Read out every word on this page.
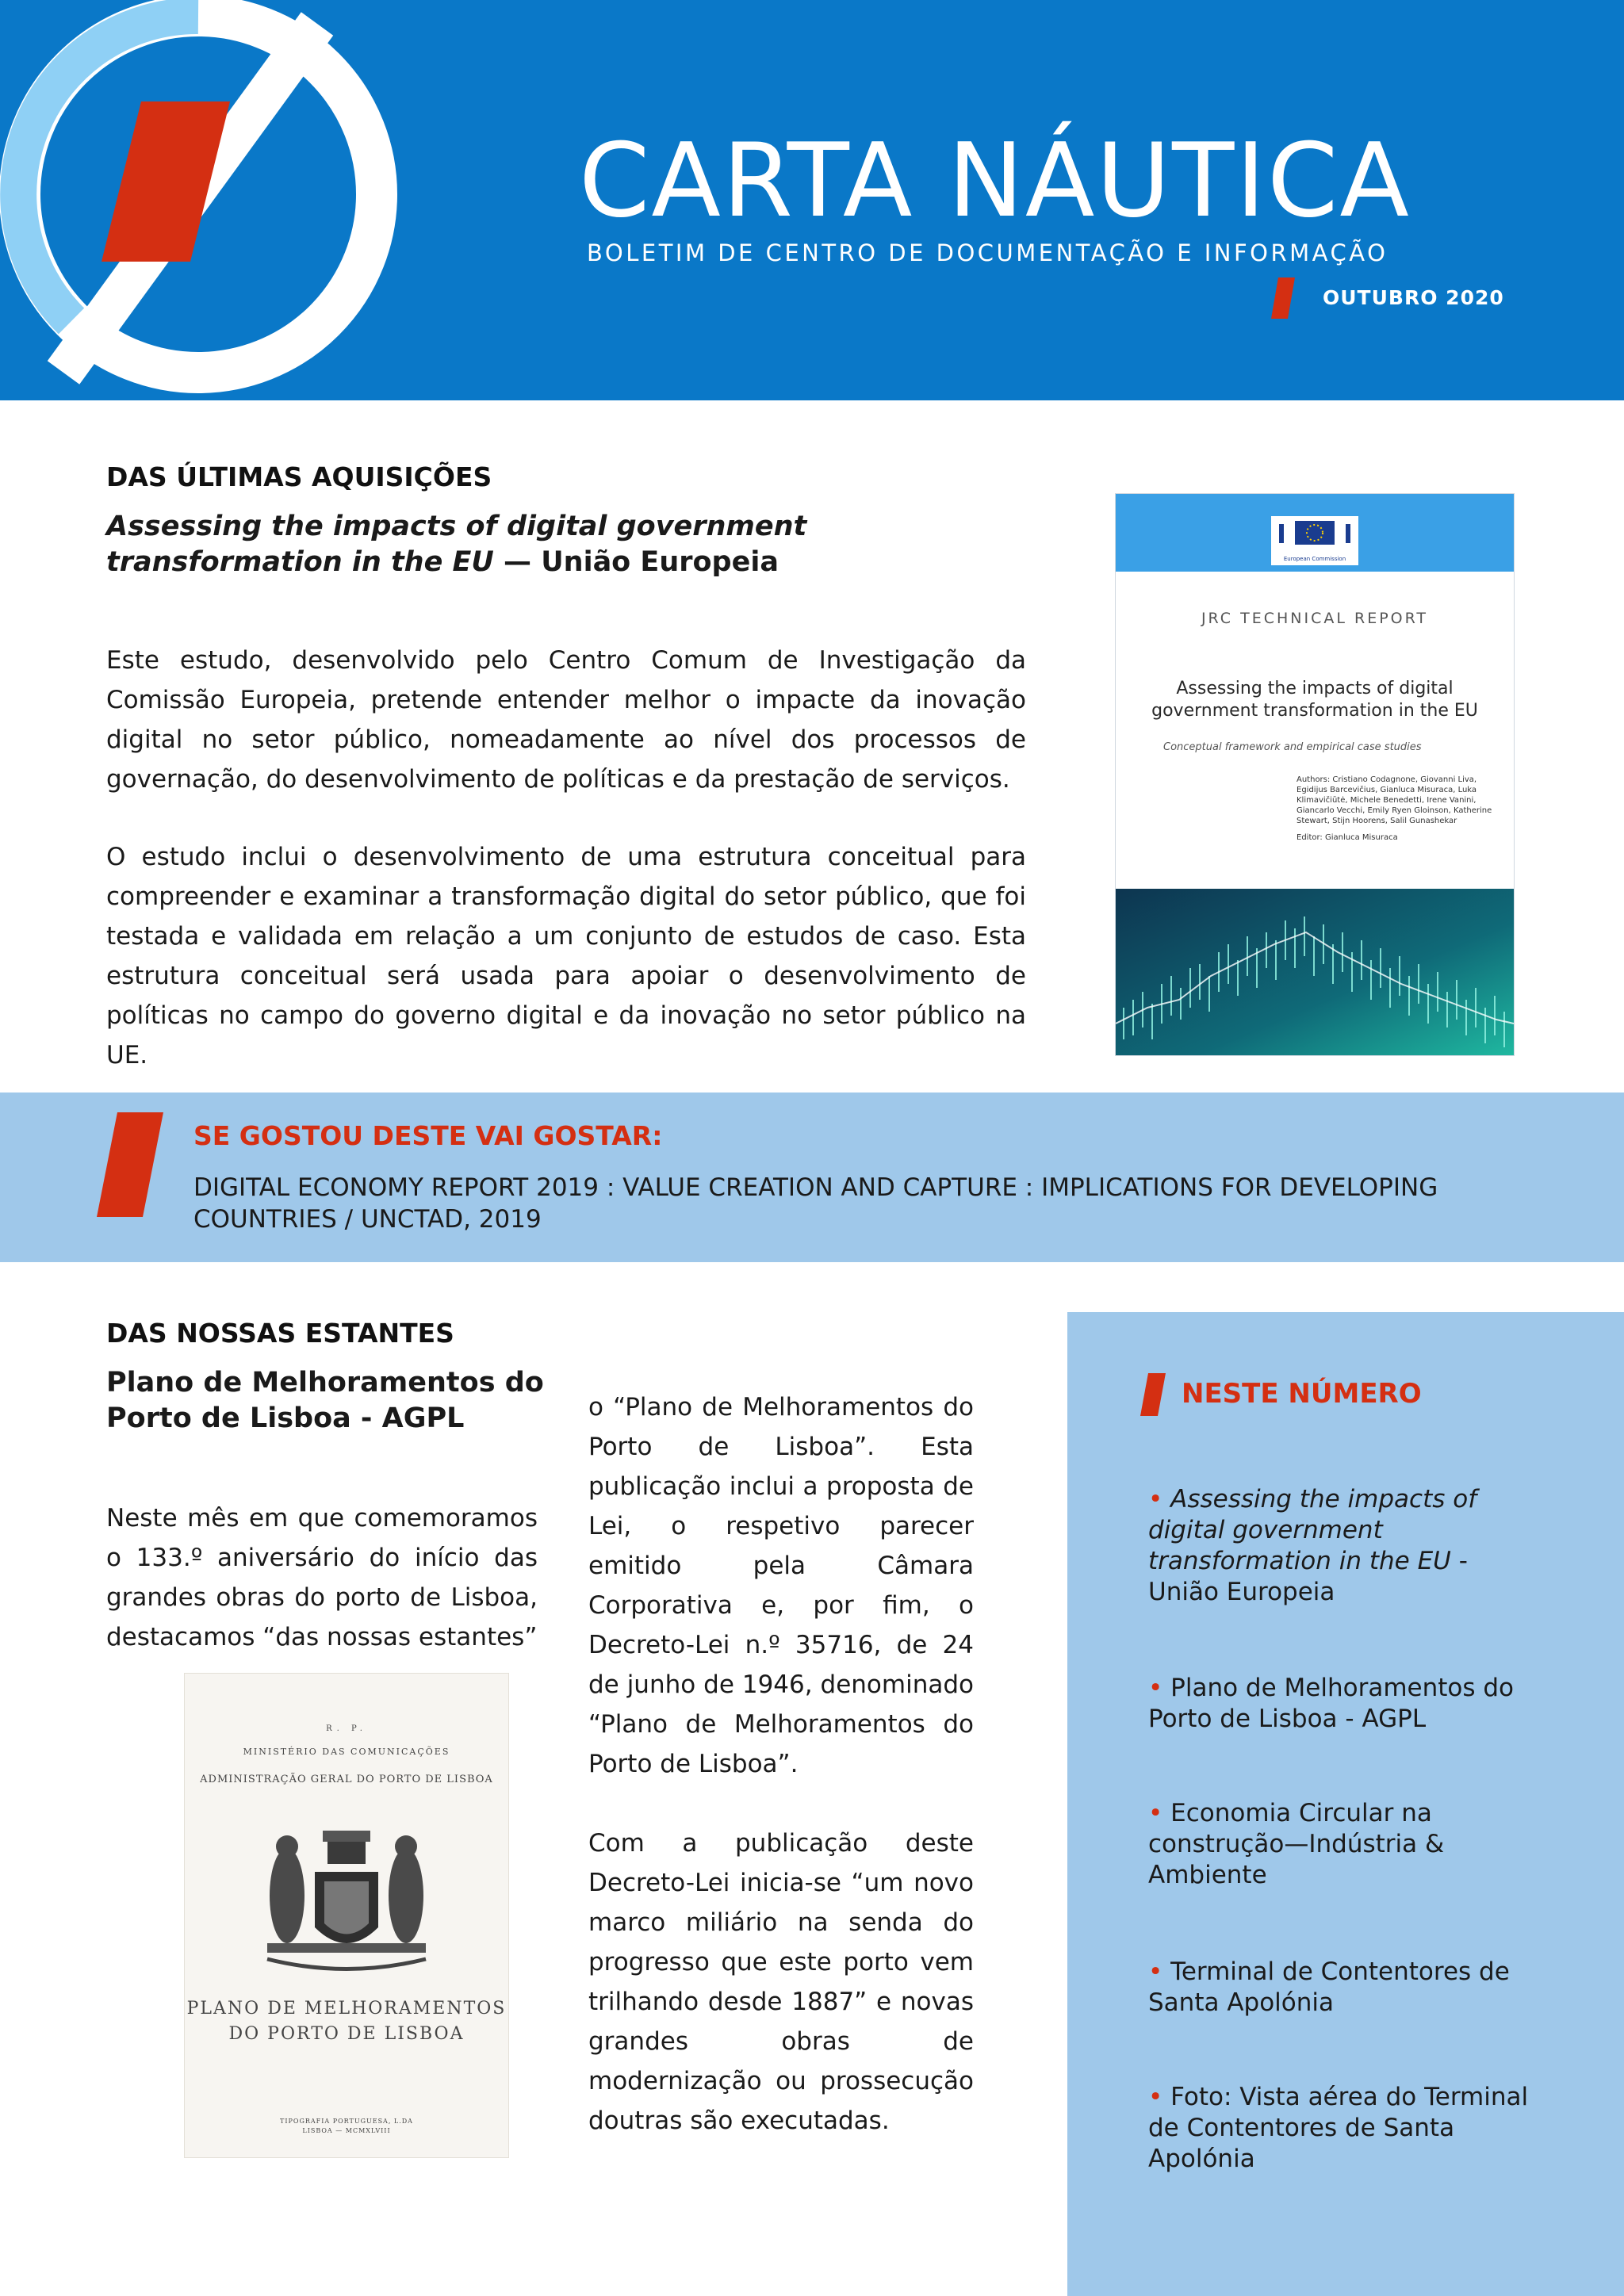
CARTA NÁUTICA
BOLETIM DE CENTRO DE DOCUMENTAÇÃO E INFORMAÇÃO
OUTUBRO 2020
DAS ÚLTIMAS AQUISIÇÕES
Assessing the impacts of digital government transformation in the EU — União Europeia
Este estudo, desenvolvido pelo Centro Comum de Investigação da Comissão Europeia, pretende entender melhor o impacte da inovação digital no setor público, nomeadamente ao nível dos processos de governação, do desenvolvimento de políticas e da prestação de serviços.
O estudo inclui o desenvolvimento de uma estrutura conceitual para compreender e examinar a transformação digital do setor público, que foi testada e validada em relação a um conjunto de estudos de caso. Esta estrutura conceitual será usada para apoiar o desenvolvimento de políticas no campo do governo digital e da inovação no setor público na UE.
European Commission
JRC TECHNICAL REPORT
Assessing the impacts of digital government transformation in the EU
Conceptual framework and empirical case studies
Authors: Cristiano Codagnone, Giovanni Liva, Egidijus Barcevičius, Gianluca Misuraca, Luka Klimavičiūtė, Michele Benedetti, Irene Vanini, Giancarlo Vecchi, Emily Ryen Gloinson, Katherine Stewart, Stijn Hoorens, Salil Gunashekar
Editor: Gianluca Misuraca
SE GOSTOU DESTE VAI GOSTAR:
DIGITAL ECONOMY REPORT 2019 : VALUE CREATION AND CAPTURE : IMPLICATIONS FOR DEVELOPING COUNTRIES / UNCTAD, 2019
DAS NOSSAS ESTANTES
Plano de Melhoramentos do Porto de Lisboa - AGPL
Neste mês em que comemoramos o 133.º aniversário do início das grandes obras do porto de Lisboa, destacamos “das nossas estantes”

o “Plano de Melhoramentos do Porto de Lisboa”. Esta publicação inclui a proposta de Lei, o respetivo parecer emitido pela Câmara Corporativa e, por fim, o Decreto-Lei n.º 35716, de 24 de junho de 1946, denominado “Plano de Melhoramentos do Porto de Lisboa”.

Com a publicação deste Decreto-Lei inicia-se “um novo marco miliário na senda do progresso que este porto vem trilhando desde 1887” e novas grandes obras de modernização ou prossecução doutras são executadas.

R. P.
MINISTÉRIO DAS COMUNICAÇÕES
ADMINISTRAÇÃO GERAL DO PORTO DE LISBOA
PLANO DE MELHORAMENTOS
DO PORTO DE LISBOA
TIPOGRAFIA PORTUGUESA, L.DA
LISBOA — MCMXLVIII
NESTE NÚMERO
• Assessing the impacts of digital government transformation in the EU - União Europeia
• Plano de Melhoramentos do Porto de Lisboa - AGPL
• Economia Circular na construção—Indústria & Ambiente
• Terminal de Contentores de Santa Apolónia
• Foto: Vista aérea do Terminal de Contentores de Santa Apolónia
